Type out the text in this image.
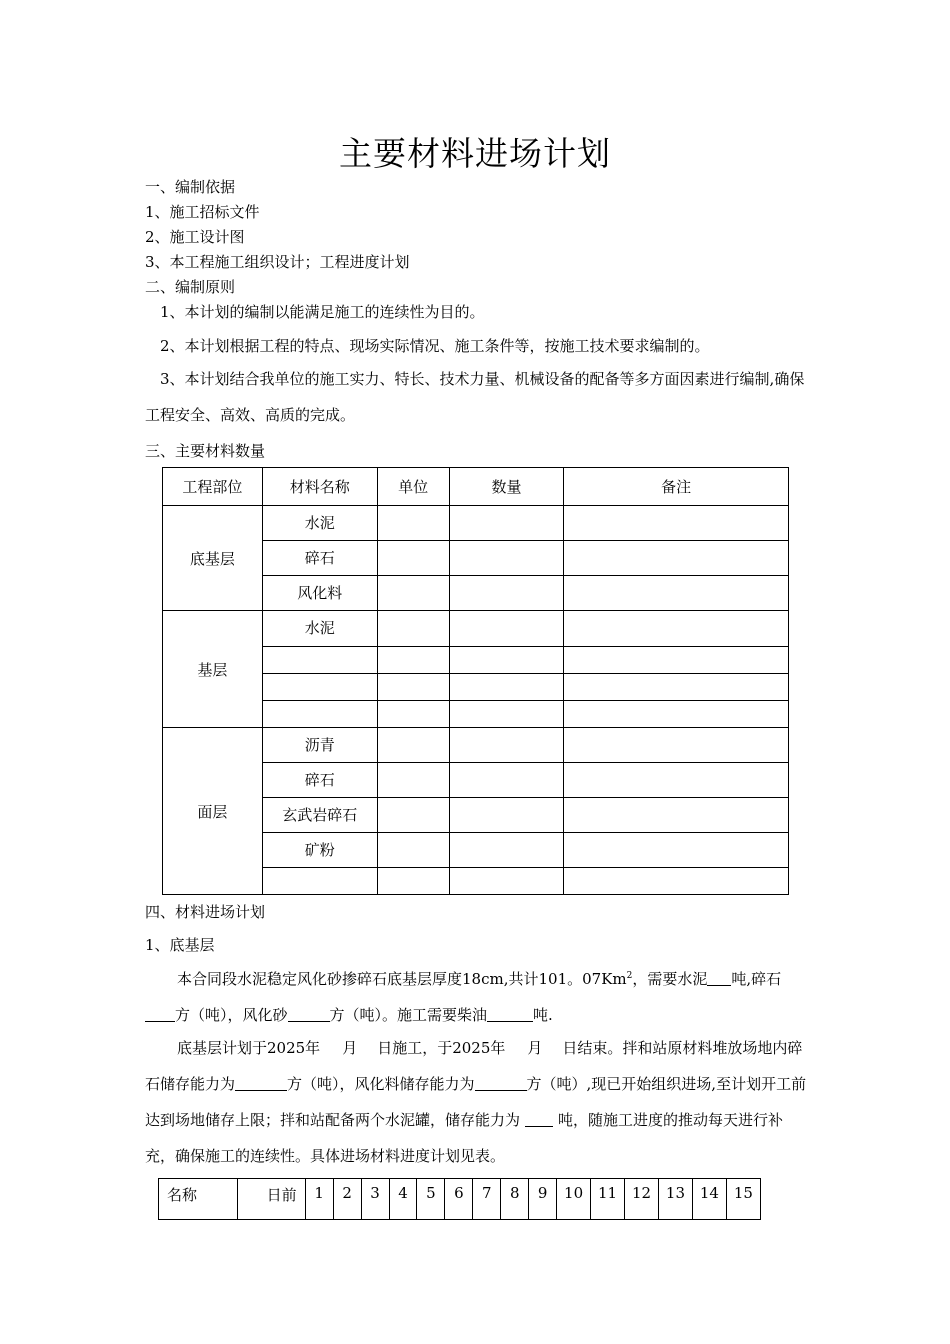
主要材料进场计划
一、编制依据
1、施工招标文件
2、施工设计图
3、本工程施工组织设计；工程进度计划
二、编制原则
1、本计划的编制以能满足施工的连续性为目的。
2、本计划根据工程的特点、现场实际情况、施工条件等，按施工技术要求编制的。
3、本计划结合我单位的施工实力、特长、技术力量、机械设备的配备等多方面因素进行编制,确保工程安全、高效、高质的完成。
三、主要材料数量
工程部位	材料名称	单位	数量	备注
底基层	水泥			
	碎石			
	风化料			
基层	水泥			

面层	沥青			
	碎石			
	玄武岩碎石			
	矿粉			

四、材料进场计划
1、底基层
本合同段水泥稳定风化砂掺碎石底基层厚度18cm,共计101。07Km$^2$，需要水泥 吨,碎石方（吨），风化砂	方（吨）。施工需要柴油	吨.
底基层计划于2025年 月 日施工，于2025年 月 日结束。拌和站原材料堆放场地内碎石储存能力为	方（吨），风化料储存能力为	方（吨）,现已开始组织进场,至计划开工前达到场地储存上限；拌和站配备两个水泥罐，储存能力为	吨，随施工进度的推动每天进行补充，确保施工的连续性。具体进场材料进度计划见表。
名称	日前	1	2	3	4	5	6	7	8	9	10	11	12	13	14	15
